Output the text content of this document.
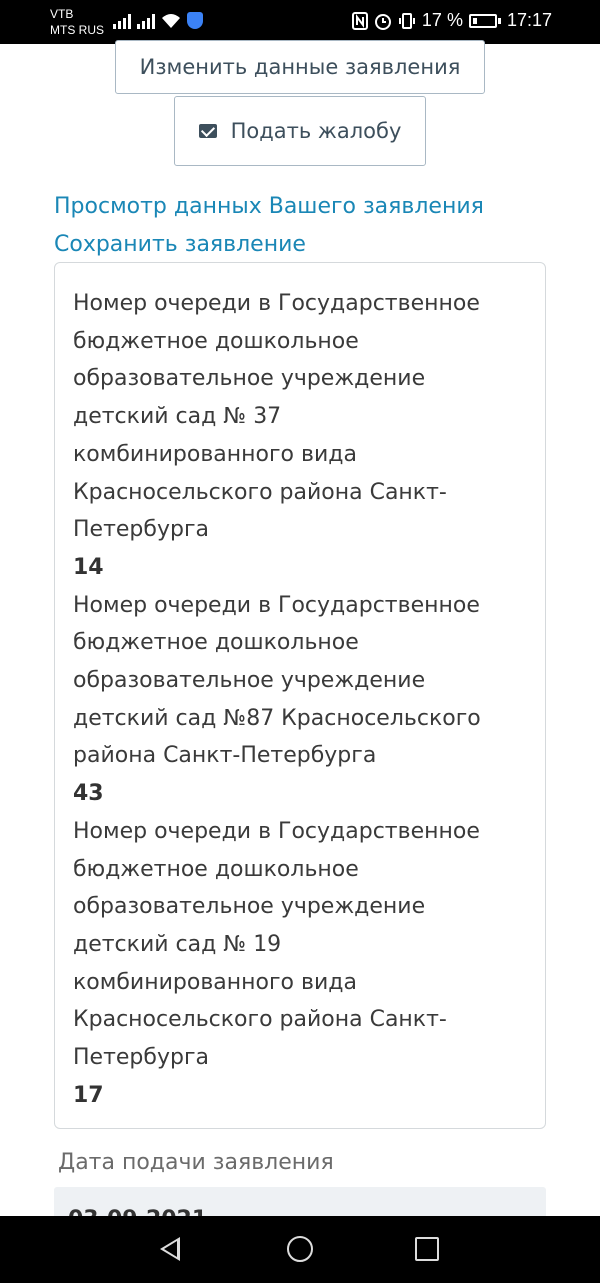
VTB
MTS RUS	17 % 17:17
Изменить данные заявления
Подать жалобу
Просмотр данных Вашего заявления
Сохранить заявление
Номер очереди в Государственное
бюджетное дошкольное
образовательное учреждение
детский сад № 37
комбинированного вида
Красносельского района Санкт-
Петербурга
14
Номер очереди в Государственное
бюджетное дошкольное
образовательное учреждение
детский сад №87 Красносельского
района Санкт-Петербурга
43
Номер очереди в Государственное
бюджетное дошкольное
образовательное учреждение
детский сад № 19
комбинированного вида
Красносельского района Санкт-
Петербурга
17
Дата подачи заявления
